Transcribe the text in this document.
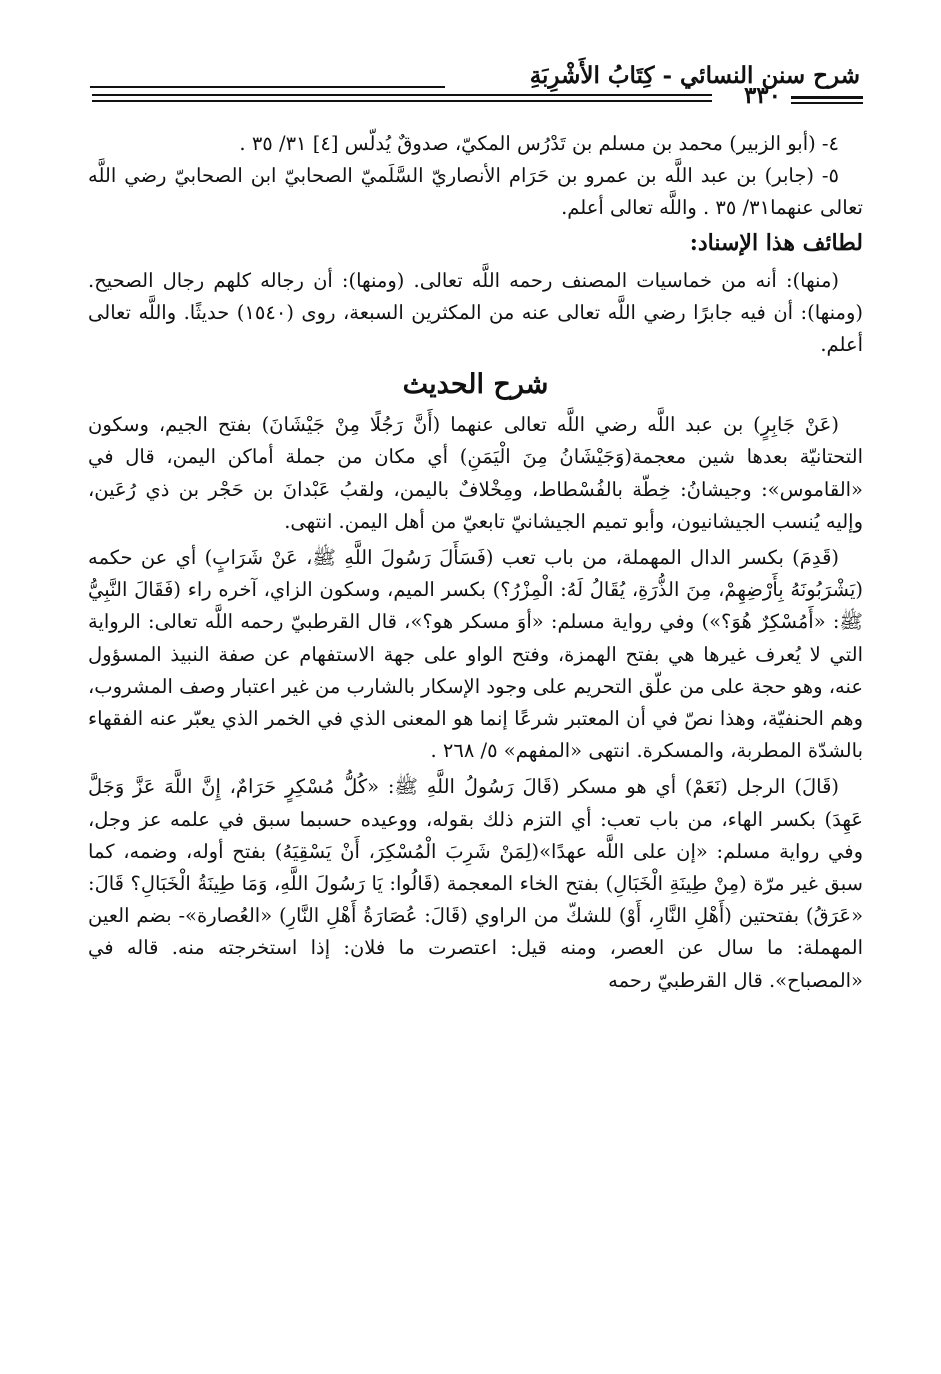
شرح سنن النسائي - كِتَابُ الأَشْرِبَةِ
٣٣٠

٤- (أبو الزبير) محمد بن مسلم بن تَدْرُس المكيّ، صدوقٌ يُدلّس [٤] ٣١/ ٣٥ .

٥- (جابر) بن عبد اللَّه بن عمرو بن حَرَام الأنصاريّ السَّلَميّ الصحابيّ ابن الصحابيّ رضي اللَّه تعالى عنهما٣١/ ٣٥ . واللَّه تعالى أعلم.

لطائف هذا الإسناد:

(منها): أنه من خماسيات المصنف رحمه اللَّه تعالى. (ومنها): أن رجاله كلهم رجال الصحيح. (ومنها): أن فيه جابرًا رضي اللَّه تعالى عنه من المكثرين السبعة، روى (١٥٤٠) حديثًا. واللَّه تعالى أعلم.

شرح الحديث

(عَنْ جَابِرٍ) بن عبد اللَّه رضي اللَّه تعالى عنهما (أَنَّ رَجُلًا مِنْ جَيْشَانَ) بفتح الجيم، وسكون التحتانيّة بعدها شين معجمة(وَجَيْشَانُ مِنَ الْيَمَنِ) أي مكان من جملة أماكن اليمن، قال في «القاموس»: وجيشانُ: خِطّة بالفُسْطاط، ومِخْلافٌ باليمن، ولقبُ عَبْدانَ بن حَجْر بن ذي رُعَين، وإليه يُنسب الجيشانيون، وأبو تميم الجيشانيّ تابعيّ من أهل اليمن. انتهى.

(قَدِمَ) بكسر الدال المهملة، من باب تعب (فَسَأَلَ رَسُولَ اللَّهِ ﷺ، عَنْ شَرَابٍ) أي عن حكمه (يَشْرَبُونَهُ بِأَرْضِهِمْ، مِنَ الذُّرَةِ، يُقَالُ لَهُ: الْمِزْرُ؟) بكسر الميم، وسكون الزاي، آخره راء (فَقَالَ النَّبِيُّ ﷺ: «أَمُسْكِرٌ هُوَ؟») وفي رواية مسلم: «أوَ مسكر هو؟»، قال القرطبيّ رحمه اللَّه تعالى: الرواية التي لا يُعرف غيرها هي بفتح الهمزة، وفتح الواو على جهة الاستفهام عن صفة النبيذ المسؤول عنه، وهو حجة على من علّق التحريم على وجود الإسكار بالشارب من غير اعتبار وصف المشروب، وهم الحنفيّة، وهذا نصّ في أن المعتبر شرعًا إنما هو المعنى الذي في الخمر الذي يعبّر عنه الفقهاء بالشدّة المطربة، والمسكرة. انتهى «المفهم» ٥/ ٢٦٨ .

(قَالَ) الرجل (نَعَمْ) أي هو مسكر (قَالَ رَسُولُ اللَّهِ ﷺ: «كُلُّ مُسْكِرٍ حَرَامٌ، إِنَّ اللَّهَ عَزَّ وَجَلَّ عَهِدَ) بكسر الهاء، من باب تعب: أي التزم ذلك بقوله، ووعيده حسبما سبق في علمه عز وجل، وفي رواية مسلم: «إن على اللَّه عهدًا»(لِمَنْ شَرِبَ الْمُسْكِرَ، أَنْ يَسْقِيَهُ) بفتح أوله، وضمه، كما سبق غير مرّة (مِنْ طِينَةِ الْخَبَالِ) بفتح الخاء المعجمة (قَالُوا: يَا رَسُولَ اللَّهِ، وَمَا طِينَةُ الْخَبَالِ؟ قَالَ: «عَرَقُ) بفتحتين (أَهْلِ النَّارِ، أَوْ) للشكّ من الراوي (قَالَ: عُصَارَةُ أَهْلِ النَّارِ) «العُصارة»- بضم العين المهملة: ما سال عن العصر، ومنه قيل: اعتصرت ما فلان: إذا استخرجته منه. قاله في «المصباح». قال القرطبيّ رحمه
